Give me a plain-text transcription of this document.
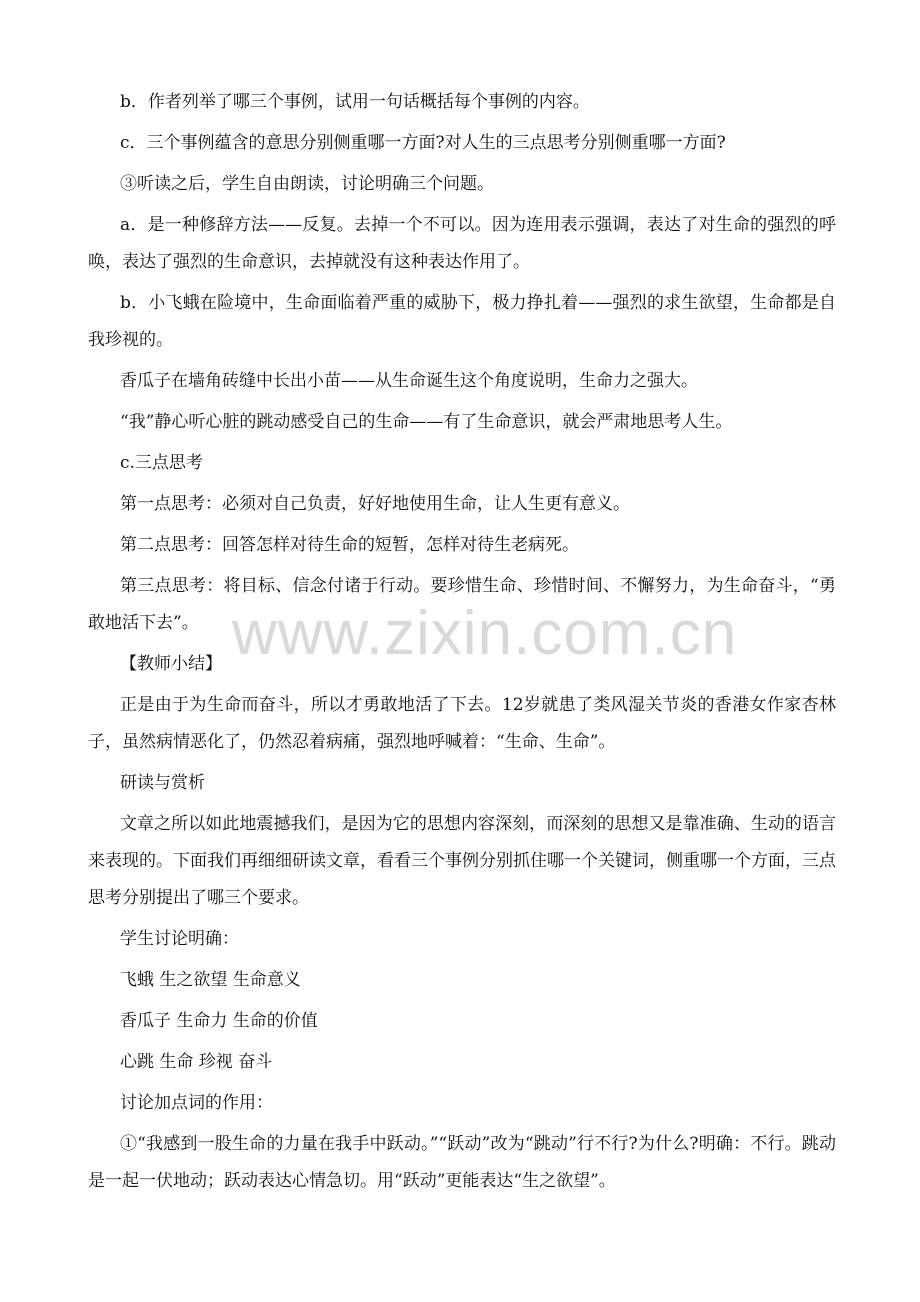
www.zixin.com.cn

b．作者列举了哪三个事例，试用一句话概括每个事例的内容。

c．三个事例蕴含的意思分别侧重哪一方面?对人生的三点思考分别侧重哪一方面?

③听读之后，学生自由朗读，讨论明确三个问题。

a．是一种修辞方法——反复。去掉一个不可以。因为连用表示强调，表达了对生命的强烈的呼唤，表达了强烈的生命意识，去掉就没有这种表达作用了。

b．小飞蛾在险境中，生命面临着严重的威胁下，极力挣扎着——强烈的求生欲望，生命都是自我珍视的。

香瓜子在墙角砖缝中长出小苗——从生命诞生这个角度说明，生命力之强大。

“我”静心听心脏的跳动感受自己的生命——有了生命意识，就会严肃地思考人生。

c.三点思考

第一点思考：必须对自己负责，好好地使用生命，让人生更有意义。

第二点思考：回答怎样对待生命的短暂，怎样对待生老病死。

第三点思考：将目标、信念付诸于行动。要珍惜生命、珍惜时间、不懈努力，为生命奋斗，“勇敢地活下去”。

【教师小结】

正是由于为生命而奋斗，所以才勇敢地活了下去。12岁就患了类风湿关节炎的香港女作家杏林子，虽然病情恶化了，仍然忍着病痛，强烈地呼喊着：“生命、生命”。

研读与赏析

文章之所以如此地震撼我们，是因为它的思想内容深刻，而深刻的思想又是靠准确、生动的语言来表现的。下面我们再细细研读文章，看看三个事例分别抓住哪一个关键词，侧重哪一个方面，三点思考分别提出了哪三个要求。

学生讨论明确：

飞蛾 生之欲望 生命意义

香瓜子 生命力 生命的价值

心跳 生命 珍视 奋斗

讨论加点词的作用：

①“我感到一股生命的力量在我手中跃动。”“跃动”改为“跳动”行不行?为什么?明确：不行。跳动是一起一伏地动；跃动表达心情急切。用“跃动”更能表达“生之欲望”。
